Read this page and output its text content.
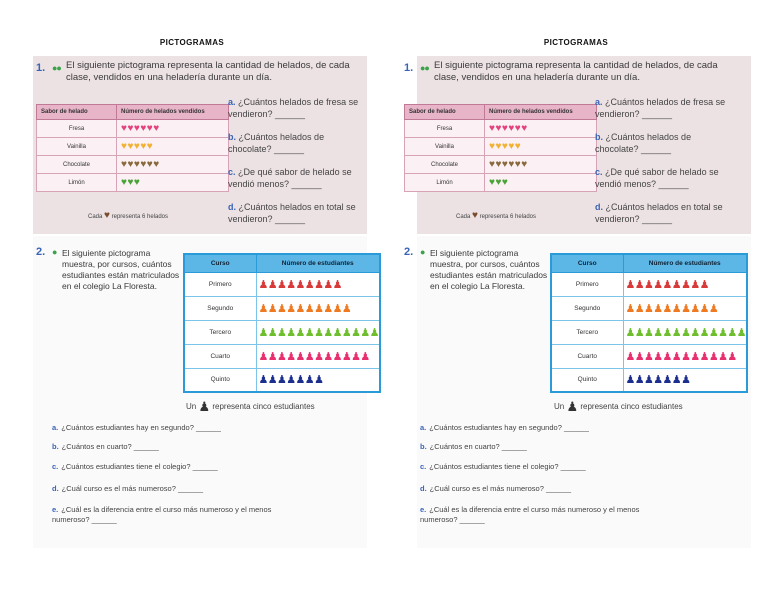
PICTOGRAMAS
1. ●● El siguiente pictograma representa la cantidad de helados, de cada clase, vendidos en una heladería durante un día.
Sabor de helado	Número de helados vendidos
Fresa	♥♥♥♥♥♥
Vainilla	♥♥♥♥♥
Chocolate	♥♥♥♥♥♥
Limón	♥♥♥
Cada ♥ representa 6 helados
a. ¿Cuántos helados de fresa se vendieron? ______
b. ¿Cuántos helados de chocolate? ______
c. ¿De qué sabor de helado se vendió menos? ______
d. ¿Cuántos helados en total se vendieron? ______
2. ● El siguiente pictograma muestra, por cursos, cuántos estudiantes están matriculados en el colegio La Floresta.
Curso	Número de estudiantes
Primero	♟♟♟♟♟♟♟♟♟
Segundo	♟♟♟♟♟♟♟♟♟♟
Tercero	♟♟♟♟♟♟♟♟♟♟♟♟♟
Cuarto	♟♟♟♟♟♟♟♟♟♟♟♟
Quinto	♟♟♟♟♟♟♟
Un ♟ representa cinco estudiantes
a. ¿Cuántos estudiantes hay en segundo? ______
b. ¿Cuántos en cuarto? ______
c. ¿Cuántos estudiantes tiene el colegio? ______
d. ¿Cuál curso es el más numeroso? ______
e. ¿Cuál es la diferencia entre el curso más numeroso y el menos numeroso? ______
PICTOGRAMAS
1. ●● El siguiente pictograma representa la cantidad de helados, de cada clase, vendidos en una heladería durante un día.
Sabor de helado	Número de helados vendidos
Fresa	♥♥♥♥♥♥
Vainilla	♥♥♥♥♥
Chocolate	♥♥♥♥♥♥
Limón	♥♥♥
Cada ♥ representa 6 helados
a. ¿Cuántos helados de fresa se vendieron? ______
b. ¿Cuántos helados de chocolate? ______
c. ¿De qué sabor de helado se vendió menos? ______
d. ¿Cuántos helados en total se vendieron? ______
2. ● El siguiente pictograma muestra, por cursos, cuántos estudiantes están matriculados en el colegio La Floresta.
Curso	Número de estudiantes
Primero	♟♟♟♟♟♟♟♟♟
Segundo	♟♟♟♟♟♟♟♟♟♟
Tercero	♟♟♟♟♟♟♟♟♟♟♟♟♟
Cuarto	♟♟♟♟♟♟♟♟♟♟♟♟
Quinto	♟♟♟♟♟♟♟
Un ♟ representa cinco estudiantes
a. ¿Cuántos estudiantes hay en segundo? ______
b. ¿Cuántos en cuarto? ______
c. ¿Cuántos estudiantes tiene el colegio? ______
d. ¿Cuál curso es el más numeroso? ______
e. ¿Cuál es la diferencia entre el curso más numeroso y el menos numeroso? ______
